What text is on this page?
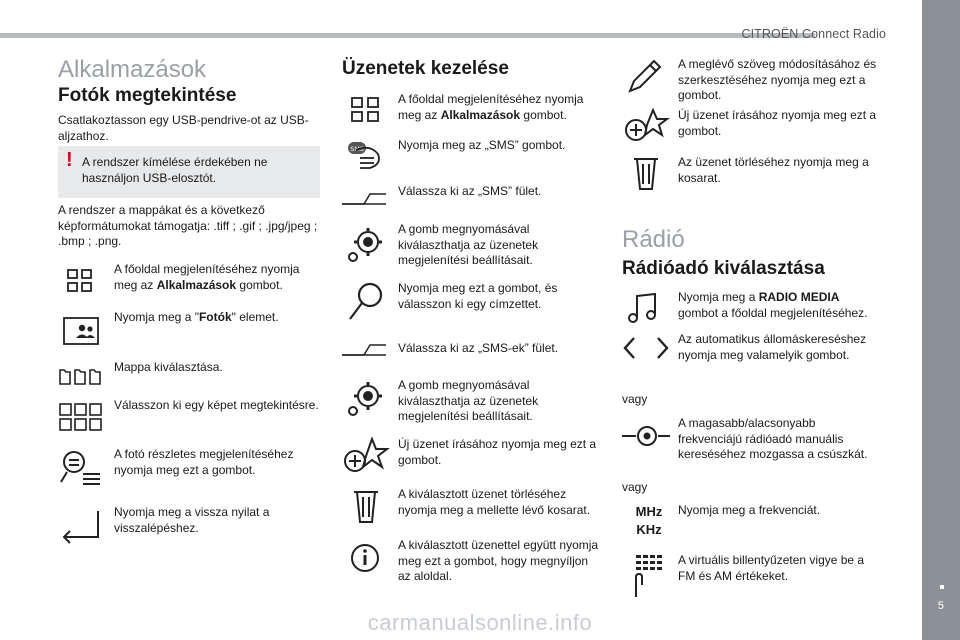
CITROËN Connect Radio
5
carmanualsonline.info
Alkalmazások
Fotók megtekintése

Csatlakoztasson egy USB-pendrive-ot az USB-aljzathoz.

! A rendszer kímélése érdekében ne használjon USB-elosztót.

A rendszer a mappákat és a következő képformátumokat támogatja: .tiff ; .gif ; .jpg/jpeg ; .bmp ; .png.

A főoldal megjelenítéséhez nyomja meg az Alkalmazások gombot.
Nyomja meg a "Fotók" elemet.
Mappa kiválasztása.
Válasszon ki egy képet megtekintésre.
A fotó részletes megjelenítéséhez nyomja meg ezt a gombot.
Nyomja meg a vissza nyilat a visszalépéshez.
Üzenetek kezelése
A főoldal megjelenítéséhez nyomja meg az Alkalmazások gombot.
SMS	Nyomja meg az „SMS” gombot.
Válassza ki az „SMS” fület.
A gomb megnyomásával kiválaszthatja az üzenetek megjelenítési beállításait.
Nyomja meg ezt a gombot, és válasszon ki egy címzettet.
Válassza ki az „SMS-ek” fület.
A gomb megnyomásával kiválaszthatja az üzenetek megjelenítési beállításait.
Új üzenet írásához nyomja meg ezt a gombot.
A kiválasztott üzenet törléséhez nyomja meg a mellette lévő kosarat.
A kiválasztott üzenettel együtt nyomja meg ezt a gombot, hogy megnyíljon az aloldal.
A meglévő szöveg módosításához és szerkesztéséhez nyomja meg ezt a gombot.
Új üzenet írásához nyomja meg ezt a gombot.
Az üzenet törléséhez nyomja meg a kosarat.
Rádió
Rádióadó kiválasztása
Nyomja meg a RADIO MEDIA gombot a főoldal megjelenítéséhez.
Az automatikus állomáskereséshez nyomja meg valamelyik gombot.
vagy
A magasabb/alacsonyabb frekvenciájú rádióadó manuális kereséséhez mozgassa a csúszkát.
vagy
MHz
KHz
Nyomja meg a frekvenciát.
A virtuális billentyűzeten vigye be a FM és AM értékeket.
